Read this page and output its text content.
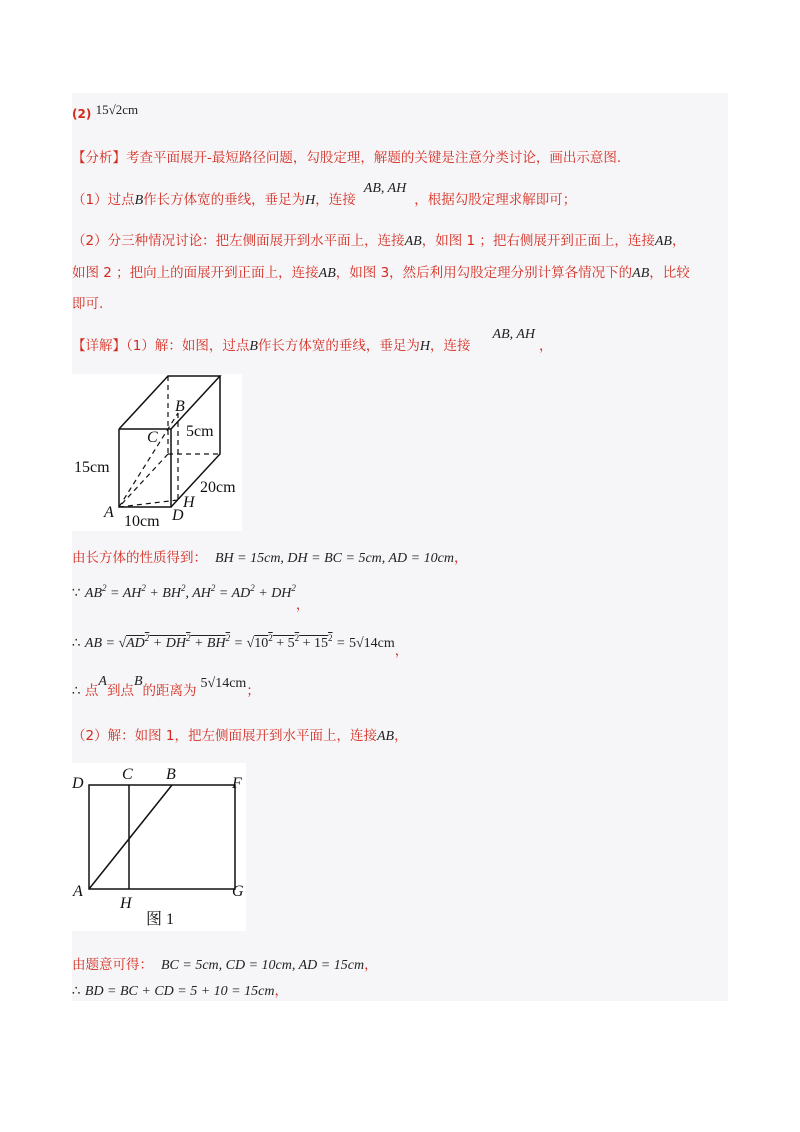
(2) 15√2cm
【分析】考查平面展开-最短路径问题，勾股定理，解题的关键是注意分类讨论，画出示意图.
（1）过点B作长方体宽的垂线，垂足为H，连接AB, AH，根据勾股定理求解即可；
（2）分三种情况讨论：把左侧面展开到水平面上，连接AB，如图 1 ；把右侧展开到正面上，连接AB，
如图 2 ；把向上的面展开到正面上，连接AB，如图 3，然后利用勾股定理分别计算各情况下的AB，比较
即可.
【详解】（1）解：如图，过点B作长方体宽的垂线，垂足为H，连接AB, AH，
B
C 5cm
15cm
20cm
H
A	D
10cm
由长方体的性质得到： BH = 15cm, DH = BC = 5cm, AD = 10cm，
∵ $AB^2 = AH^2 + BH^2$, $AH^2 = AD^2 + DH^2$，
∴ AB = $√AD^2 + DH^2 + BH^2 = √10^2 + 5^2 + 15^2 = 5√14cm$，
∴ 点A到点B的距离为 5√14cm；
（2）解：如图 1，把左侧面展开到水平面上，连接AB，
D
C B
F
A
H
G
图 1
由题意可得： BC = 5cm, CD = 10cm, AD = 15cm，
∴ BD = BC + CD = 5 + 10 = 15cm，
